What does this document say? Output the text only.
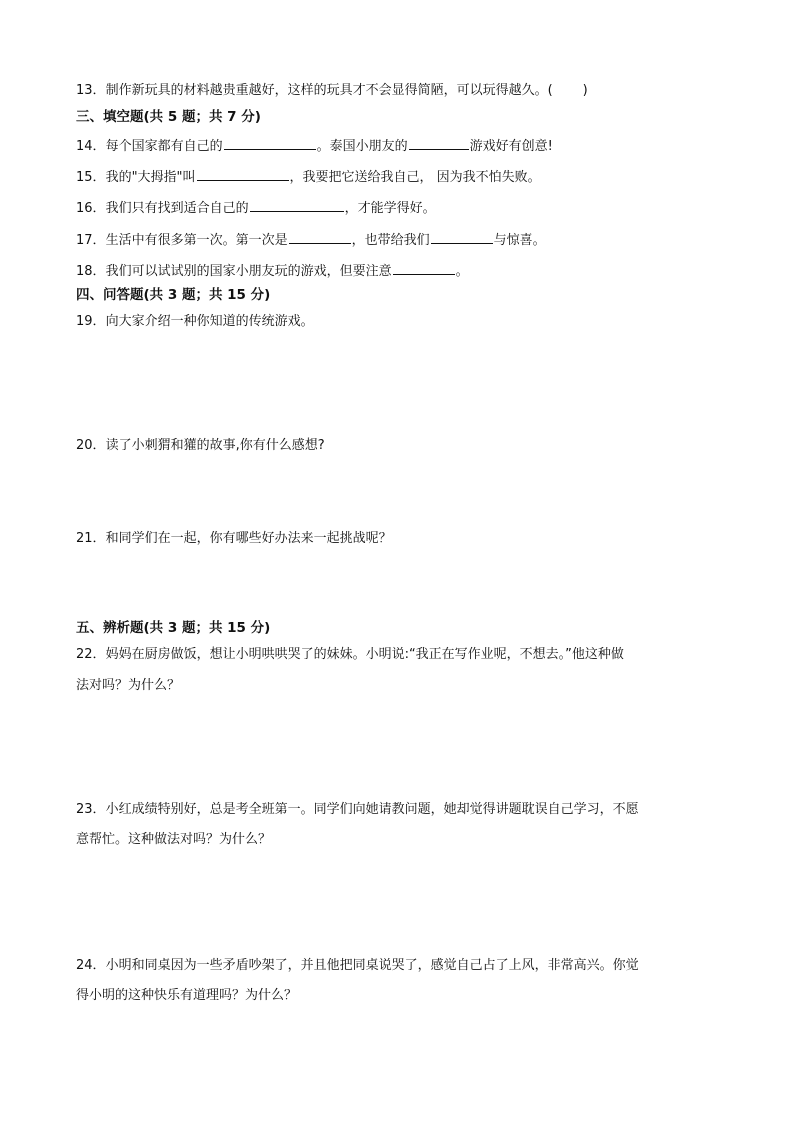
13．制作新玩具的材料越贵重越好，这样的玩具才不会显得简陋，可以玩得越久。( )
三、填空题(共 5 题；共 7 分)
14．每个国家都有自己的	。泰国小朋友的	游戏好有创意!
15．我的"大拇指"叫	，我要把它送给我自己， 因为我不怕失败。
16．我们只有找到适合自己的	，才能学得好。
17．生活中有很多第一次。第一次是	，也带给我们	与惊喜。
18．我们可以试试别的国家小朋友玩的游戏，但要注意	。
四、问答题(共 3 题；共 15 分)
19．向大家介绍一种你知道的传统游戏。
20．读了小刺猬和獾的故事,你有什么感想?
21．和同学们在一起，你有哪些好办法来一起挑战呢？
五、辨析题(共 3 题；共 15 分)
22．妈妈在厨房做饭，想让小明哄哄哭了的妹妹。小明说:“我正在写作业呢，不想去。”他这种做
法对吗？为什么？
23．小红成绩特别好，总是考全班第一。同学们向她请教问题，她却觉得讲题耽误自己学习，不愿
意帮忙。这种做法对吗？为什么？
24．小明和同桌因为一些矛盾吵架了，并且他把同桌说哭了，感觉自己占了上风，非常高兴。你觉
得小明的这种快乐有道理吗？为什么？
